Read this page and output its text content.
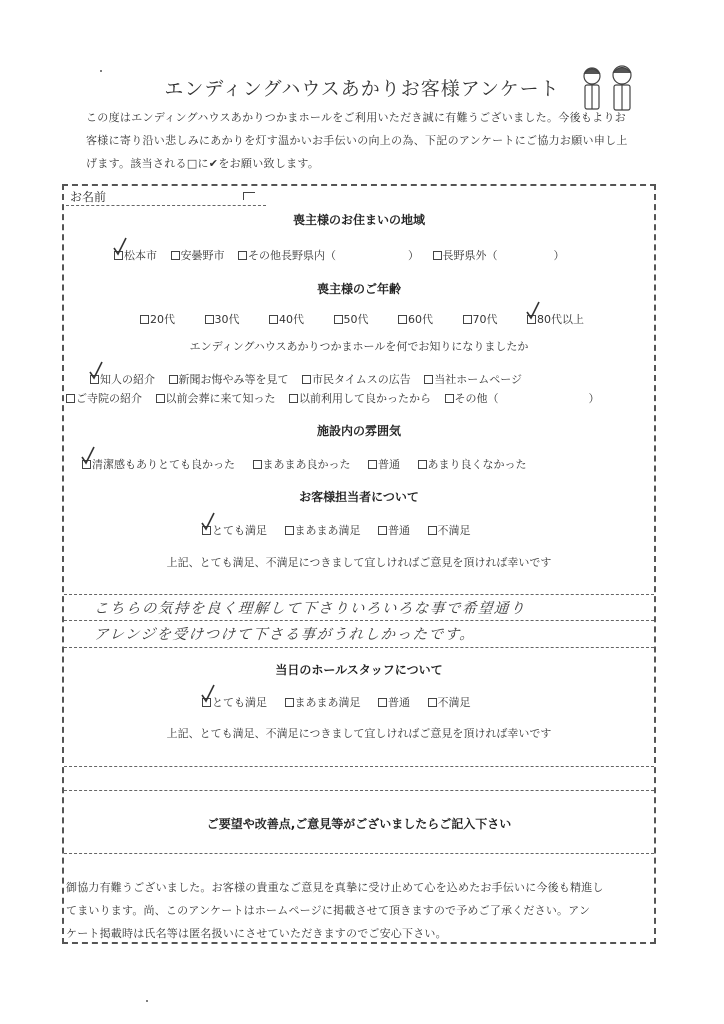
エンディングハウスあかりお客様アンケート
この度はエンディングハウスあかりつかまホールをご利用いただき誠に有難うございました。今後もよりお
客様に寄り沿い悲しみにあかりを灯す温かいお手伝いの向上の為、下記のアンケートにご協力お願い申し上
げます。該当される□に✔をお願い致します。
お名前
喪主様のお住まいの地域
松本市 安曇野市 その他長野県内（	） 長野県外（	）
喪主様のご年齢
20代	30代	40代	50代	60代	70代	80代以上
エンディングハウスあかりつかまホールを何でお知りになりましたか
知人の紹介 新聞お悔やみ等を見て 市民タイムスの広告 当社ホームページ
ご寺院の紹介 以前会葬に来て知った 以前利用して良かったから その他（	）
施設内の雰囲気
清潔感もありとても良かった	まあまあ良かった	普通	あまり良くなかった
お客様担当者について
とても満足	まあまあ満足	普通	不満足
上記、とても満足、不満足につきまして宜しければご意見を頂ければ幸いです
こちらの気持を良く理解して下さりいろいろな事で希望通り
アレンジを受けつけて下さる事がうれしかったです。
当日のホールスタッフについて
とても満足	まあまあ満足	普通	不満足
上記、とても満足、不満足につきまして宜しければご意見を頂ければ幸いです
ご要望や改善点,ご意見等がございましたらご記入下さい
御協力有難うございました。お客様の貴重なご意見を真摯に受け止めて心を込めたお手伝いに今後も精進し
てまいります。尚、このアンケートはホームページに掲載させて頂きますので予めご了承ください。アン
ケート掲載時は氏名等は匿名扱いにさせていただきますのでご安心下さい。
